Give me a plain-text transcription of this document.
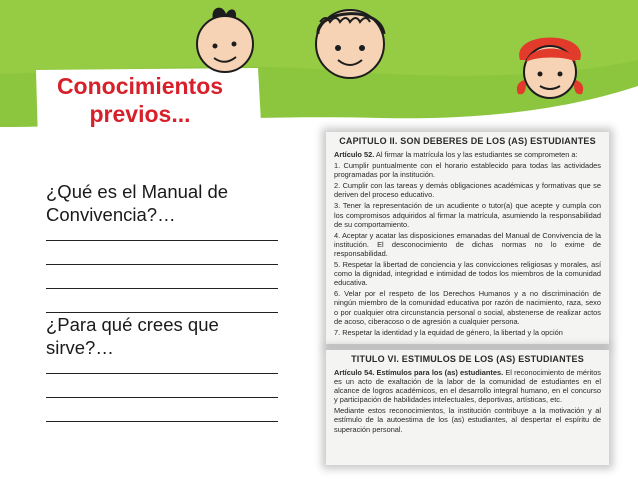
Conocimientos
previos...

¿Qué es el Manual de

Convivencia?…

¿Para qué crees que

sirve?…

CAPITULO II. SON DEBERES DE LOS (AS) ESTUDIANTES

Artículo 52. Al firmar la matrícula los y las estudiantes se comprometen a:

1. Cumplir puntualmente con el horario establecido para todas las actividades programadas por la institución.

2. Cumplir con las tareas y demás obligaciones académicas y formativas que se deriven del proceso educativo.

3. Tener la representación de un acudiente o tutor(a) que acepte y cumpla con los compromisos adquiridos al firmar la matrícula, asumiendo la responsabilidad de su comportamiento.

4. Aceptar y acatar las disposiciones emanadas del Manual de Convivencia de la institución. El desconocimiento de dichas normas no lo exime de responsabilidad.

5. Respetar la libertad de conciencia y las convicciones religiosas y morales, así como la dignidad, integridad e intimidad de todos los miembros de la comunidad educativa.

6. Velar por el respeto de los Derechos Humanos y a no discriminación de ningún miembro de la comunidad educativa por razón de nacimiento, raza, sexo o por cualquier otra circunstancia personal o social, abstenerse de realizar actos de acoso, ciberacoso o de agresión a cualquier persona.

7. Respetar la identidad y la equidad de género, la libertad y la opción

TITULO VI. ESTIMULOS DE LOS (AS) ESTUDIANTES

Artículo 54. Estímulos para los (as) estudiantes. El reconocimiento de méritos es un acto de exaltación de la labor de la comunidad de estudiantes en el alcance de logros académicos, en el desarrollo integral humano, en el concurso y participación de habilidades intelectuales, deportivas, artísticas, etc.

Mediante estos reconocimientos, la institución contribuye a la motivación y al estímulo de la autoestima de los (as) estudiantes, al despertar el espíritu de superación personal.
